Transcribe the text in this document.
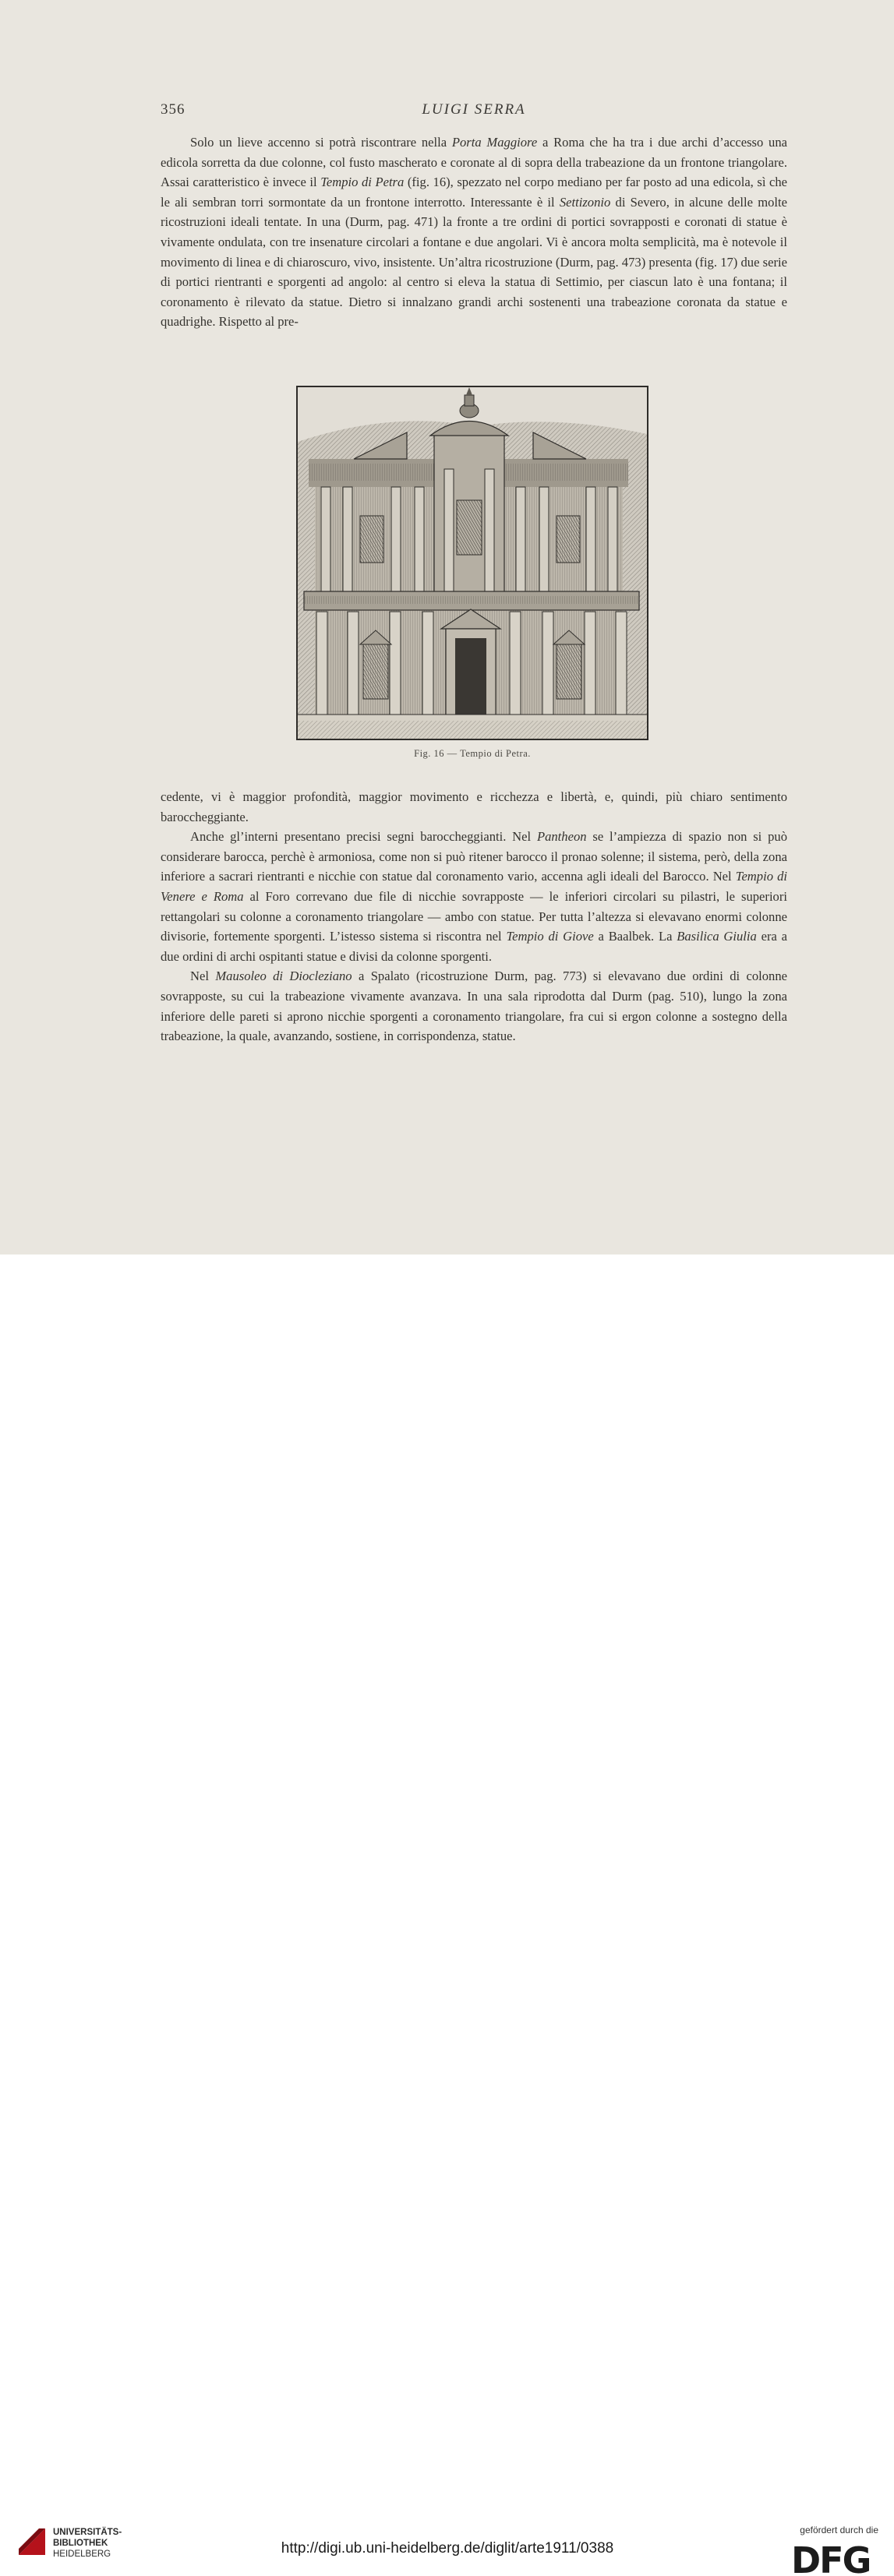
356	LUIGI SERRA

Solo un lieve accenno si potrà riscontrare nella Porta Maggiore a Roma che ha tra i due archi d’accesso una edicola sorretta da due colonne, col fusto mascherato e coronate al di sopra della trabeazione da un frontone triangolare. Assai caratteristico è invece il Tempio di Petra (fig. 16), spezzato nel corpo mediano per far posto ad una edicola, sì che le ali sembran torri sormontate da un frontone interrotto. Interessante è il Settizonio di Severo, in alcune delle molte ricostruzioni ideali tentate. In una (Durm, pag. 471) la fronte a tre ordini di portici sovrapposti e coronati di statue è vivamente ondulata, con tre insenature circolari a fontane e due angolari. Vi è ancora molta semplicità, ma è notevole il movimento di linea e di chiaroscuro, vivo, insistente. Un’altra ricostruzione (Durm, pag. 473) presenta (fig. 17) due serie di portici rientranti e sporgenti ad angolo: al centro si eleva la statua di Settimio, per ciascun lato è una fontana; il coronamento è rilevato da statue. Dietro si innalzano grandi archi sostenenti una trabeazione coronata da statue e quadrighe. Rispetto al pre-

Fig. 16 — Tempio di Petra.

cedente, vi è maggior profondità, maggior movimento e ricchezza e libertà, e, quindi, più chiaro sentimento baroccheggiante.

Anche gl’interni presentano precisi segni baroccheggianti. Nel Pantheon se l’ampiezza di spazio non si può considerare barocca, perchè è armoniosa, come non si può ritener barocco il pronao solenne; il sistema, però, della zona inferiore a sacrari rientranti e nicchie con statue dal coronamento vario, accenna agli ideali del Barocco. Nel Tempio di Venere e Roma al Foro correvano due file di nicchie sovrapposte — le inferiori circolari su pilastri, le superiori rettangolari su colonne a coronamento triangolare — ambo con statue. Per tutta l’altezza si elevavano enormi colonne divisorie, fortemente sporgenti. L’istesso sistema si riscontra nel Tempio di Giove a Baalbek. La Basilica Giulia era a due ordini di archi ospitanti statue e divisi da colonne sporgenti.

Nel Mausoleo di Diocleziano a Spalato (ricostruzione Durm, pag. 773) si elevavano due ordini di colonne sovrapposte, su cui la trabeazione vivamente avanzava. In una sala riprodotta dal Durm (pag. 510), lungo la zona inferiore delle pareti si aprono nicchie sporgenti a coronamento triangolare, fra cui si ergon colonne a sostegno della trabeazione, la quale, avanzando, sostiene, in corrispondenza, statue.

UNIVERSITÄTS-
BIBLIOTHEK
HEIDELBERG	http://digi.ub.uni-heidelberg.de/diglit/arte1911/0388
gefördert durch die
DFG
